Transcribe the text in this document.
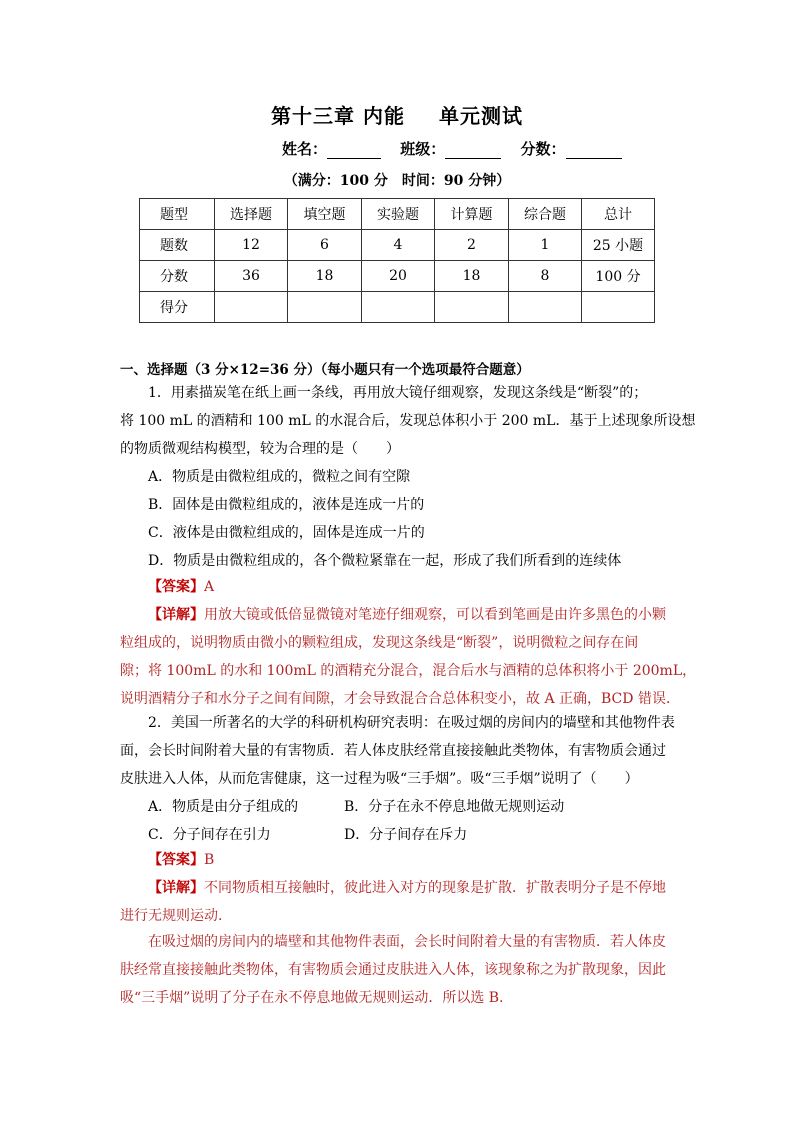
第十三章 内能 单元测试
姓名：	班级：	分数：
（满分：100 分　时间：90 分钟）
题型	选择题	填空题	实验题	计算题	综合题	总计
题数	12	6	4	2	1	25 小题
分数	36	18	20	18	8	100 分
得分						
一、选择题（3 分×12=36 分）（每小题只有一个选项最符合题意）
1．用素描炭笔在纸上画一条线，再用放大镜仔细观察，发现这条线是“断裂”的；
将 100 mL 的酒精和 100 mL 的水混合后，发现总体积小于 200 mL．基于上述现象所设想
的物质微观结构模型，较为合理的是（　　）
A．物质是由微粒组成的，微粒之间有空隙
B．固体是由微粒组成的，液体是连成一片的
C．液体是由微粒组成的，固体是连成一片的
D．物质是由微粒组成的，各个微粒紧靠在一起，形成了我们所看到的连续体
【答案】A
【详解】用放大镜或低倍显微镜对笔迹仔细观察，可以看到笔画是由许多黑色的小颗
粒组成的，说明物质由微小的颗粒组成，发现这条线是“断裂”，说明微粒之间存在间
隙；将 100mL 的水和 100mL 的酒精充分混合，混合后水与酒精的总体积将小于 200mL，
说明酒精分子和水分子之间有间隙，才会导致混合合总体积变小，故 A 正确，BCD 错误．
2．美国一所著名的大学的科研机构研究表明：在吸过烟的房间内的墙壁和其他物件表
面，会长时间附着大量的有害物质．若人体皮肤经常直接接触此类物体，有害物质会通过
皮肤进入人体，从而危害健康，这一过程为吸“三手烟”。吸“三手烟”说明了（　　）
A．物质是由分子组成的	B．分子在永不停息地做无规则运动
C．分子间存在引力	D．分子间存在斥力
【答案】B
【详解】不同物质相互接触时，彼此进入对方的现象是扩散．扩散表明分子是不停地
进行无规则运动.
在吸过烟的房间内的墙壁和其他物件表面，会长时间附着大量的有害物质．若人体皮
肤经常直接接触此类物体，有害物质会通过皮肤进入人体，该现象称之为扩散现象，因此
吸“三手烟”说明了分子在永不停息地做无规则运动．所以选 B.
